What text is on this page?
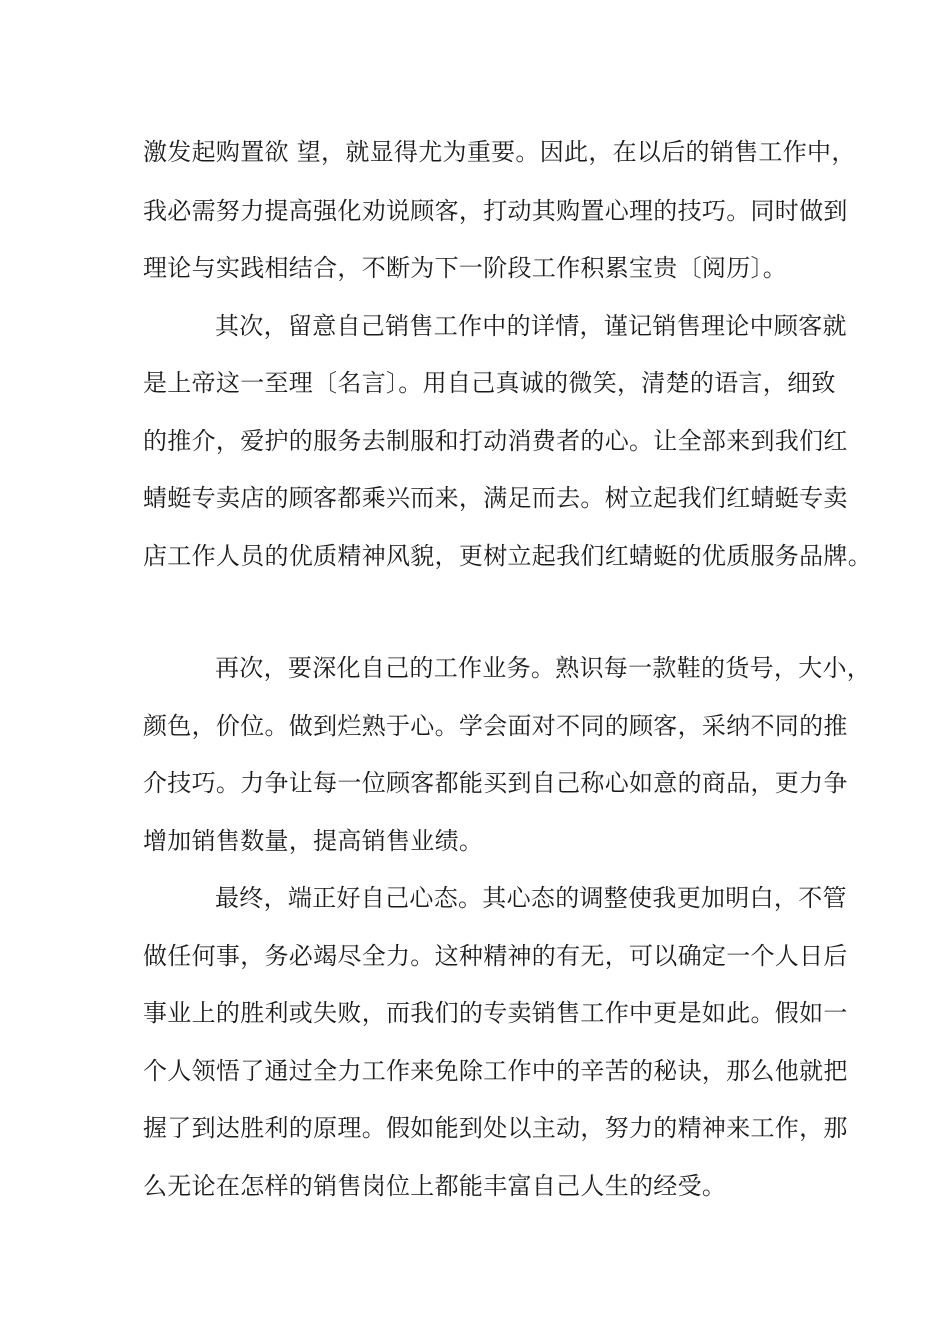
激发起购置欲 望，就显得尤为重要。因此，在以后的销售工作中，
我必需努力提高强化劝说顾客，打动其购置心理的技巧。同时做到
理论与实践相结合，不断为下一阶段工作积累宝贵〔阅历〕。
其次，留意自己销售工作中的详情，谨记销售理论中顾客就
是上帝这一至理〔名言〕。用自己真诚的微笑，清楚的语言，细致
的推介，爱护的服务去制服和打动消费者的心。让全部来到我们红
蜻蜓专卖店的顾客都乘兴而来，满足而去。树立起我们红蜻蜓专卖
店工作人员的优质精神风貌，更树立起我们红蜻蜓的优质服务品牌。
再次，要深化自己的工作业务。熟识每一款鞋的货号，大小，
颜色，价位。做到烂熟于心。学会面对不同的顾客，采纳不同的推
介技巧。力争让每一位顾客都能买到自己称心如意的商品，更力争
增加销售数量，提高销售业绩。
最终，端正好自己心态。其心态的调整使我更加明白，不管
做任何事，务必竭尽全力。这种精神的有无，可以确定一个人日后
事业上的胜利或失败，而我们的专卖销售工作中更是如此。假如一
个人领悟了通过全力工作来免除工作中的辛苦的秘诀，那么他就把
握了到达胜利的原理。假如能到处以主动，努力的精神来工作，那
么无论在怎样的销售岗位上都能丰富自己人生的经受。
